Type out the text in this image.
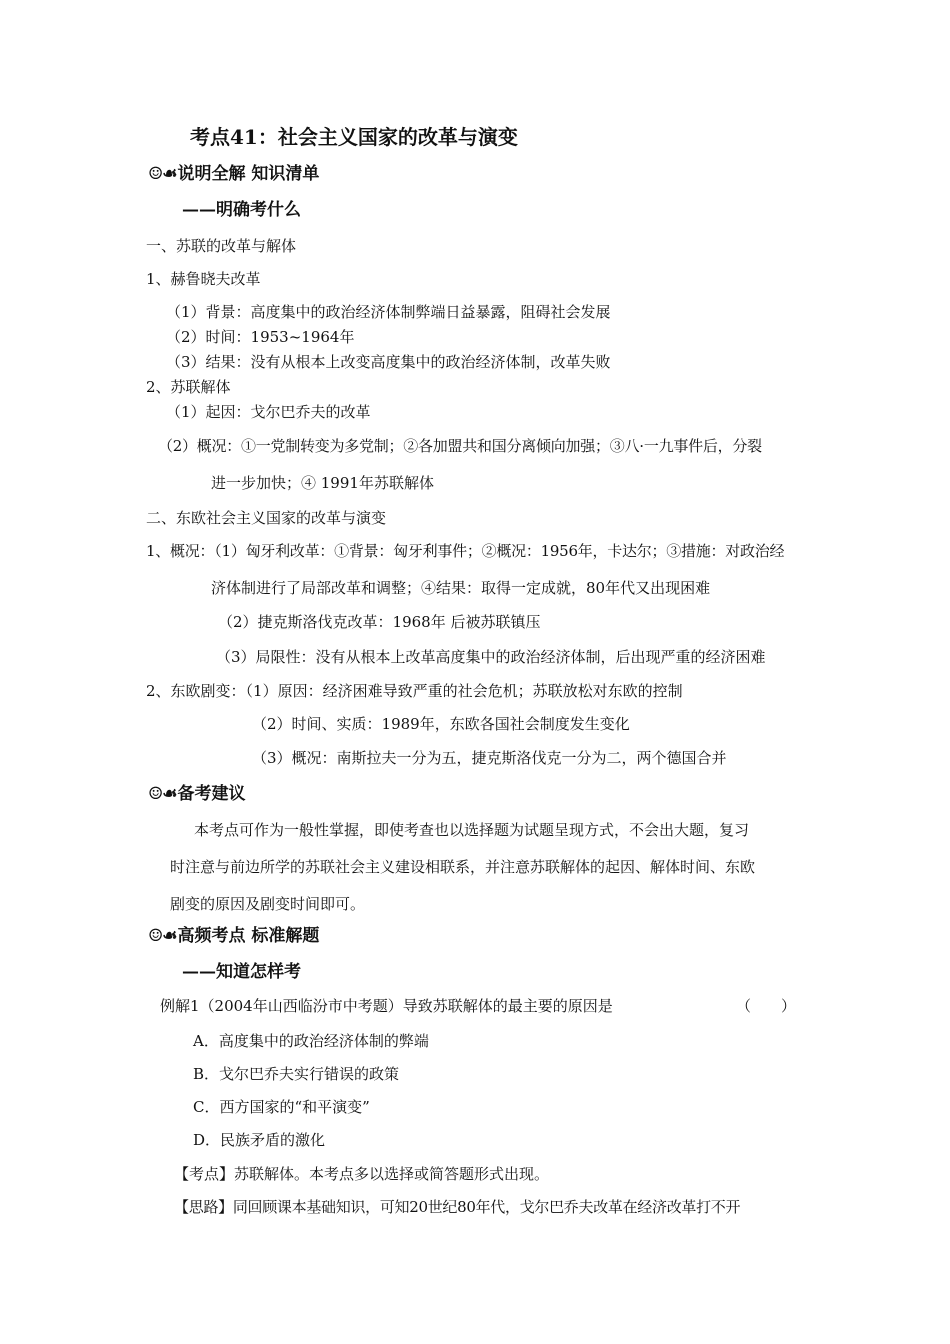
考点41：社会主义国家的改革与演变
☺☙说明全解 知识清单
——明确考什么
一、苏联的改革与解体
1、赫鲁晓夫改革
（1）背景：高度集中的政治经济体制弊端日益暴露，阻碍社会发展
（2）时间：1953~1964年
（3）结果：没有从根本上改变高度集中的政治经济体制，改革失败
2、苏联解体
（1）起因：戈尔巴乔夫的改革
（2）概况：①一党制转变为多党制；②各加盟共和国分离倾向加强；③八·一九事件后，分裂
进一步加快；④ 1991年苏联解体
二、东欧社会主义国家的改革与演变
1、概况：（1）匈牙利改革：①背景：匈牙利事件；②概况：1956年，卡达尔；③措施：对政治经
济体制进行了局部改革和调整；④结果：取得一定成就，80年代又出现困难
（2）捷克斯洛伐克改革：1968年 后被苏联镇压
（3）局限性：没有从根本上改革高度集中的政治经济体制，后出现严重的经济困难
2、东欧剧变：（1）原因：经济困难导致严重的社会危机；苏联放松对东欧的控制
（2）时间、实质：1989年，东欧各国社会制度发生变化
（3）概况：南斯拉夫一分为五，捷克斯洛伐克一分为二，两个德国合并
☺☙备考建议
本考点可作为一般性掌握，即使考查也以选择题为试题呈现方式，不会出大题，复习
时注意与前边所学的苏联社会主义建设相联系，并注意苏联解体的起因、解体时间、东欧
剧变的原因及剧变时间即可。
☺☙高频考点 标准解题
——知道怎样考
例解1（2004年山西临汾市中考题）导致苏联解体的最主要的原因是	（　　）
A．高度集中的政治经济体制的弊端
B．戈尔巴乔夫实行错误的政策
C．西方国家的“和平演变”
D．民族矛盾的激化
【考点】苏联解体。本考点多以选择或简答题形式出现。
【思路】同回顾课本基础知识，可知20世纪80年代，戈尔巴乔夫改革在经济改革打不开
